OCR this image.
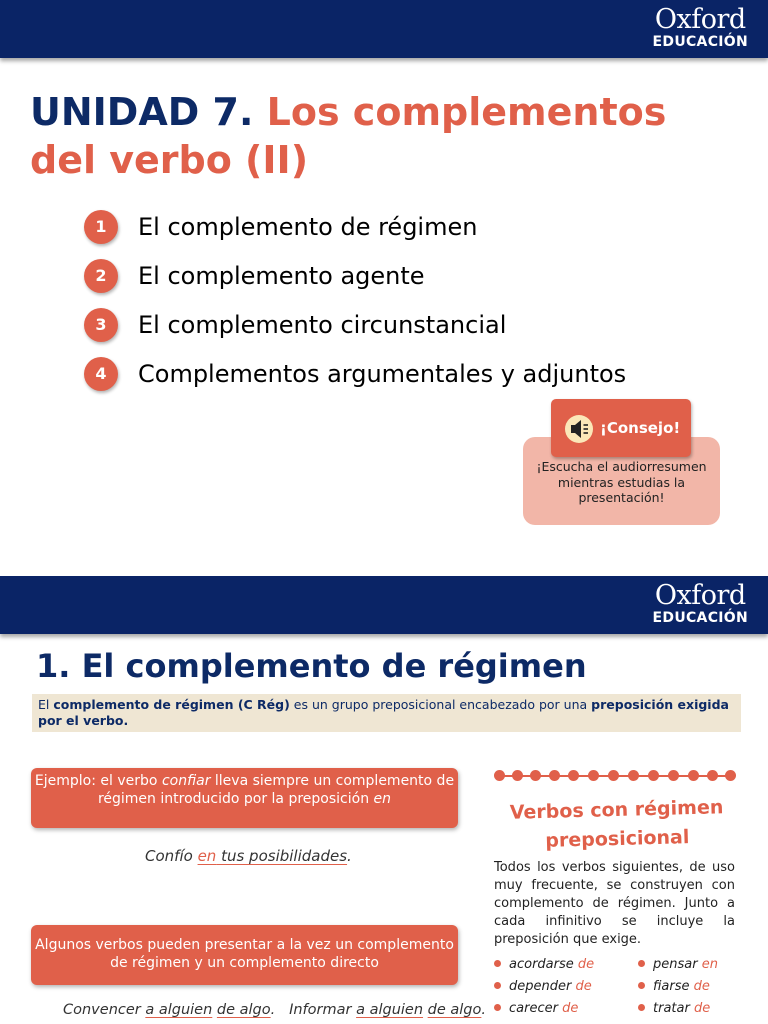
Oxford
EDUCACIÓN
UNIDAD 7. Los complementos
del verbo (II)
1	El complemento de régimen
2	El complemento agente
3	El complemento circunstancial
4	Complementos argumentales y adjuntos
¡Escucha el audiorresumen mientras estudias la presentación!
¡Consejo!
Oxford
EDUCACIÓN
1. El complemento de régimen
El complemento de régimen (C Rég) es un grupo preposicional encabezado por una preposición exigida por el verbo.
Ejemplo: el verbo confiar lleva siempre un complemento de régimen introducido por la preposición en
Confío en tus posibilidades.
Algunos verbos pueden presentar a la vez un complemento de régimen y un complemento directo
Convencer a alguien de algo. Informar a alguien de algo.
Verbos con régimen preposicional
Todos los verbos siguientes, de uso muy frecuente, se construyen con complemento de régimen. Junto a cada infinitivo se incluye la preposición que exige.
acordarse de	pensar en
depender de	fiarse de
carecer de	tratar de
